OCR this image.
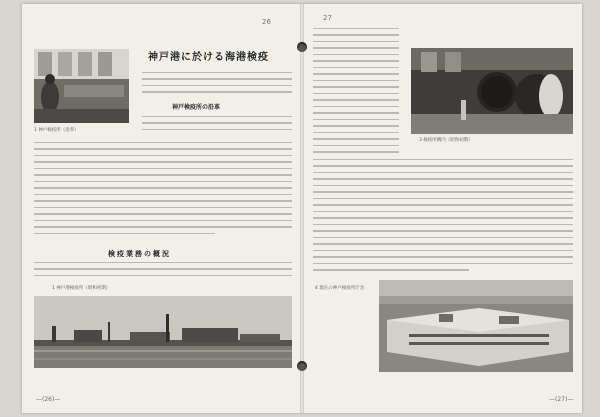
26
1 神戸検疫所（沿革）
神戸港に於ける海港検疫
神戸検疫所の沿革
検疫業務の概況
1 神戸港検疫所（昭和初期）
—(26)—
27
3 検疫所構内（昭和初期）
4 現在の神戸検疫所庁舎
—(27)—
